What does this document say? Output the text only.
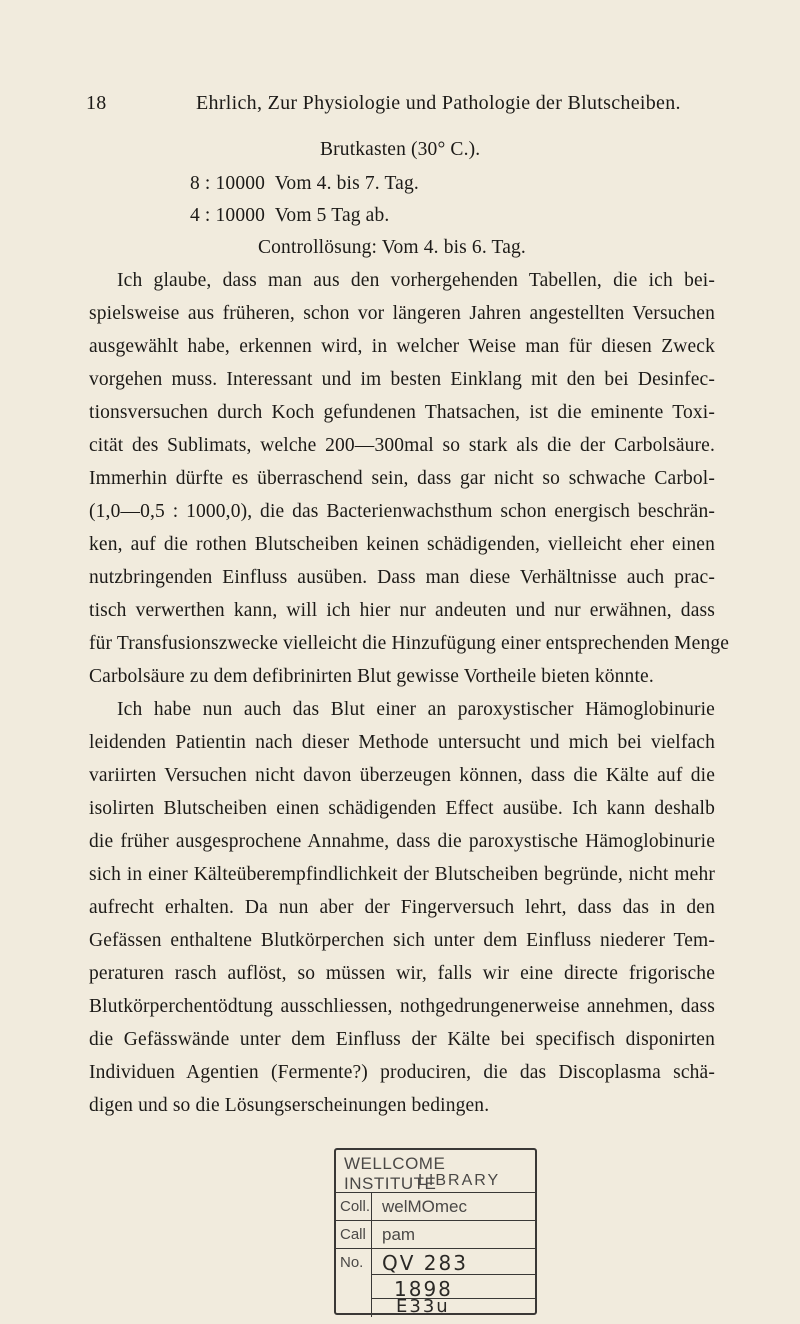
18	Ehrlich, Zur Physiologie und Pathologie der Blutscheiben.
Brutkasten (30° C.).
8 : 10000  Vom 4. bis 7. Tag.
4 : 10000  Vom 5 Tag ab.
Controllösung: Vom 4. bis 6. Tag.
Ich glaube, dass man aus den vorhergehenden Tabellen, die ich bei-
spielsweise aus früheren, schon vor längeren Jahren angestellten Versuchen
ausgewählt habe, erkennen wird, in welcher Weise man für diesen Zweck
vorgehen muss. Interessant und im besten Einklang mit den bei Desinfec-
tionsversuchen durch Koch gefundenen Thatsachen, ist die eminente Toxi-
cität des Sublimats, welche 200—300mal so stark als die der Carbolsäure.
Immerhin dürfte es überraschend sein, dass gar nicht so schwache Carbol-
(1,0—0,5 : 1000,0), die das Bacterienwachsthum schon energisch beschrän-
ken, auf die rothen Blutscheiben keinen schädigenden, vielleicht eher einen
nutzbringenden Einfluss ausüben. Dass man diese Verhältnisse auch prac-
tisch verwerthen kann, will ich hier nur andeuten und nur erwähnen, dass
für Transfusionszwecke vielleicht die Hinzufügung einer entsprechenden Menge
Carbolsäure zu dem defibrinirten Blut gewisse Vortheile bieten könnte.
Ich habe nun auch das Blut einer an paroxystischer Hämoglobinurie
leidenden Patientin nach dieser Methode untersucht und mich bei vielfach
variirten Versuchen nicht davon überzeugen können, dass die Kälte auf die
isolirten Blutscheiben einen schädigenden Effect ausübe. Ich kann deshalb
die früher ausgesprochene Annahme, dass die paroxystische Hämoglobinurie
sich in einer Kälteüberempfindlichkeit der Blutscheiben begründe, nicht mehr
aufrecht erhalten. Da nun aber der Fingerversuch lehrt, dass das in den
Gefässen enthaltene Blutkörperchen sich unter dem Einfluss niederer Tem-
peraturen rasch auflöst, so müssen wir, falls wir eine directe frigorische
Blutkörperchentödtung ausschliessen, nothgedrungenerweise annehmen, dass
die Gefässwände unter dem Einfluss der Kälte bei specifisch disponirten
Individuen Agentien (Fermente?) produciren, die das Discoplasma schä-
digen und so die Lösungserscheinungen bedingen.
WELLCOME INSTITUTE
LIBRARY
Coll. welMOmec
Call pam
No. QV 283
1898
E33u
